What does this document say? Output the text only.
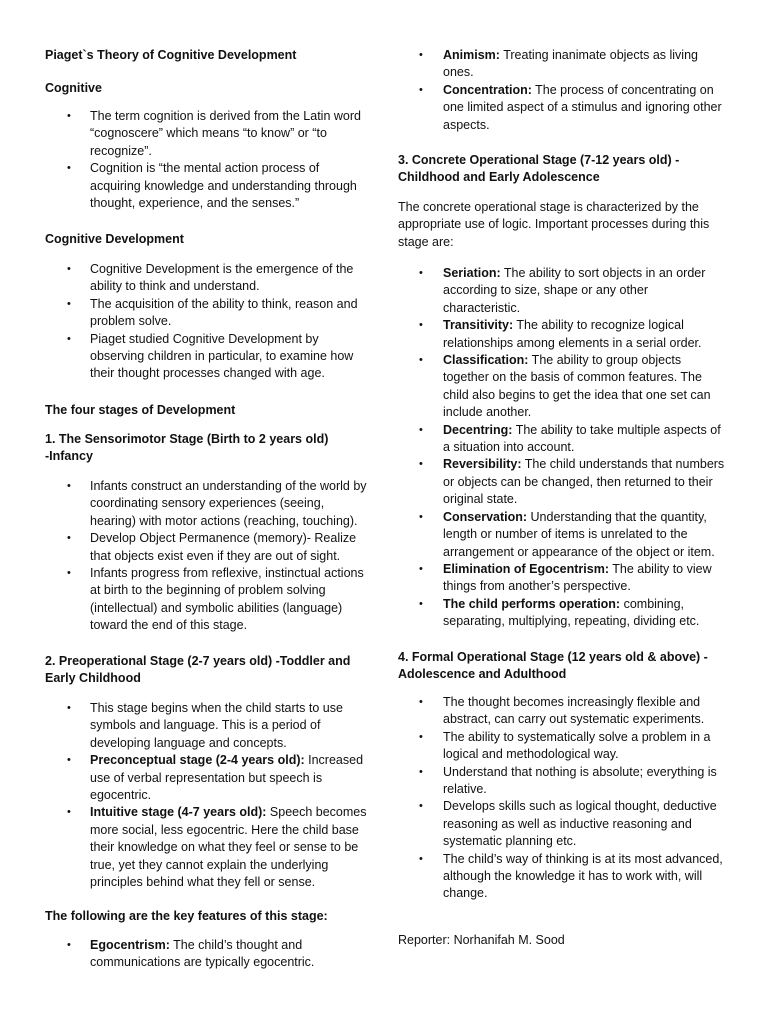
Piaget`s Theory of Cognitive Development
Cognitive
• The term cognition is derived from the Latin word “cognoscere” which means “to know” or “to recognize”.
• Cognition is “the mental action process of acquiring knowledge and understanding through thought, experience, and the senses.”
Cognitive Development
• Cognitive Development is the emergence of the ability to think and understand.
• The acquisition of the ability to think, reason and problem solve.
• Piaget studied Cognitive Development by observing children in particular, to examine how their thought processes changed with age.
The four stages of Development
1. The Sensorimotor Stage (Birth to 2 years old) -Infancy
• Infants construct an understanding of the world by coordinating sensory experiences (seeing, hearing) with motor actions (reaching, touching).
• Develop Object Permanence (memory)- Realize that objects exist even if they are out of sight.
• Infants progress from reflexive, instinctual actions at birth to the beginning of problem solving (intellectual) and symbolic abilities (language) toward the end of this stage.
2. Preoperational Stage (2-7 years old) -Toddler and Early Childhood
• This stage begins when the child starts to use symbols and language. This is a period of developing language and concepts.
• Preconceptual stage (2-4 years old): Increased use of verbal representation but speech is egocentric.
• Intuitive stage (4-7 years old): Speech becomes more social, less egocentric. Here the child base their knowledge on what they feel or sense to be true, yet they cannot explain the underlying principles behind what they fell or sense.
The following are the key features of this stage:
• Egocentrism: The child’s thought and communications are typically egocentric.
• Animism: Treating inanimate objects as living ones.
• Concentration: The process of concentrating on one limited aspect of a stimulus and ignoring other aspects.
3. Concrete Operational Stage (7-12 years old) - Childhood and Early Adolescence

The concrete operational stage is characterized by the appropriate use of logic. Important processes during this stage are:

• Seriation: The ability to sort objects in an order according to size, shape or any other characteristic.
• Transitivity: The ability to recognize logical relationships among elements in a serial order.
• Classification: The ability to group objects together on the basis of common features. The child also begins to get the idea that one set can include another.
• Decentring: The ability to take multiple aspects of a situation into account.
• Reversibility: The child understands that numbers or objects can be changed, then returned to their original state.
• Conservation: Understanding that the quantity, length or number of items is unrelated to the arrangement or appearance of the object or item.
• Elimination of Egocentrism: The ability to view things from another’s perspective.
• The child performs operation: combining, separating, multiplying, repeating, dividing etc.
4. Formal Operational Stage (12 years old & above) -Adolescence and Adulthood
• The thought becomes increasingly flexible and abstract, can carry out systematic experiments.
• The ability to systematically solve a problem in a logical and methodological way.
• Understand that nothing is absolute; everything is relative.
• Develops skills such as logical thought, deductive reasoning as well as inductive reasoning and systematic planning etc.
• The child’s way of thinking is at its most advanced, although the knowledge it has to work with, will change.

Reporter: Norhanifah M. Sood
